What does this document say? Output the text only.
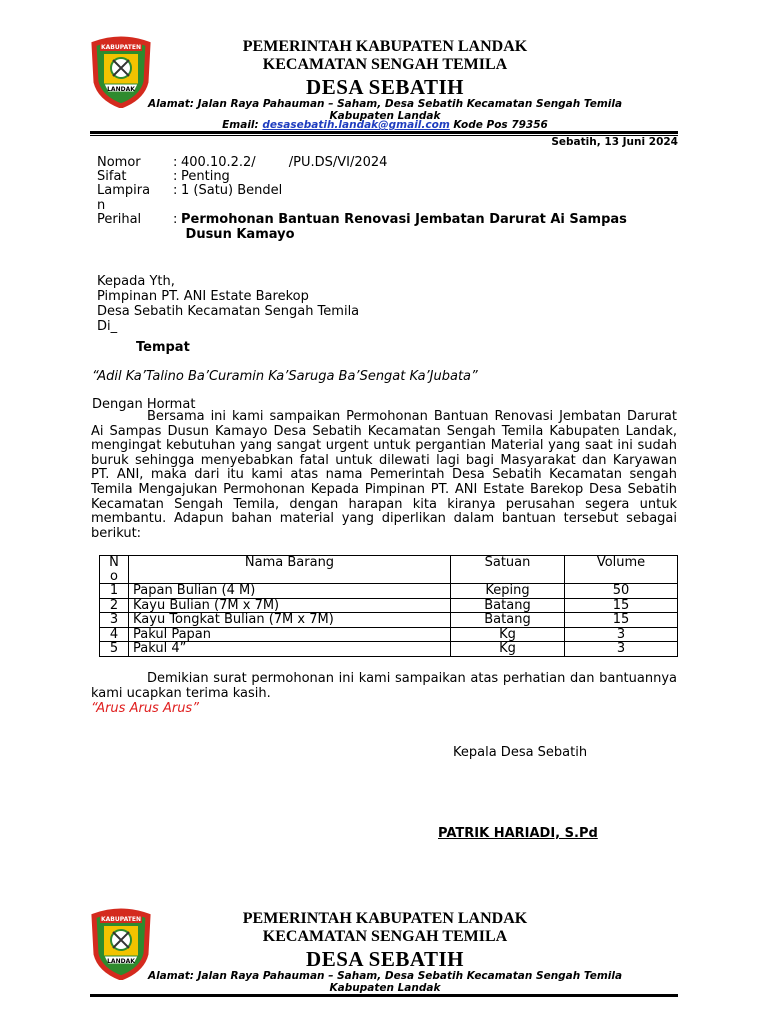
KABUPATEN
LANDAK
PEMERINTAH KABUPATEN LANDAK
KECAMATAN SENGAH TEMILA
DESA SEBATIH
Alamat: Jalan Raya Pahauman – Saham, Desa Sebatih Kecamatan Sengah Temila
Kabupaten Landak
Email: desasebatih.landak@gmail.com Kode Pos 79356
Sebatih, 13 Juni 2024
Nomor	: 400.10.2.2/        /PU.DS/VI/2024
Sifat	: Penting
Lampira	: 1 (Satu) Bendel
n
Perihal	: Permohonan Bantuan Renovasi Jembatan Darurat Ai Sampas
Dusun Kamayo
Kepada Yth,
Pimpinan PT. ANI Estate Barekop
Desa Sebatih Kecamatan Sengah Temila
Di_
Tempat
“Adil Ka’Talino Ba’Curamin Ka’Saruga Ba’Sengat Ka’Jubata”
Dengan Hormat
Bersama ini kami sampaikan Permohonan Bantuan Renovasi Jembatan Darurat Ai Sampas Dusun Kamayo Desa Sebatih Kecamatan Sengah Temila Kabupaten Landak, mengingat kebutuhan yang sangat urgent untuk pergantian Material yang saat ini sudah buruk sehingga menyebabkan fatal untuk dilewati lagi bagi Masyarakat dan Karyawan PT. ANI, maka dari itu kami atas nama Pemerintah Desa Sebatih Kecamatan sengah Temila Mengajukan Permohonan Kepada Pimpinan PT. ANI Estate Barekop Desa Sebatih Kecamatan Sengah Temila, dengan harapan kita kiranya perusahan segera untuk membantu. Adapun bahan material yang diperlikan dalam bantuan tersebut sebagai berikut:
N
o	Nama Barang	Satuan	Volume
1	Papan Bulian (4 M)	Keping	50
2	Kayu Bulian (7M x 7M)	Batang	15
3	Kayu Tongkat Bulian (7M x 7M)	Batang	15
4	Pakul Papan	Kg	3
5	Pakul 4”	Kg	3
Demikian surat permohonan ini kami sampaikan atas perhatian dan bantuannya kami ucapkan terima kasih.
“Arus Arus Arus”
Kepala Desa Sebatih
PATRIK HARIADI, S.Pd
KABUPATEN
LANDAK
PEMERINTAH KABUPATEN LANDAK
KECAMATAN SENGAH TEMILA
DESA SEBATIH
Alamat: Jalan Raya Pahauman – Saham, Desa Sebatih Kecamatan Sengah Temila
Kabupaten Landak
